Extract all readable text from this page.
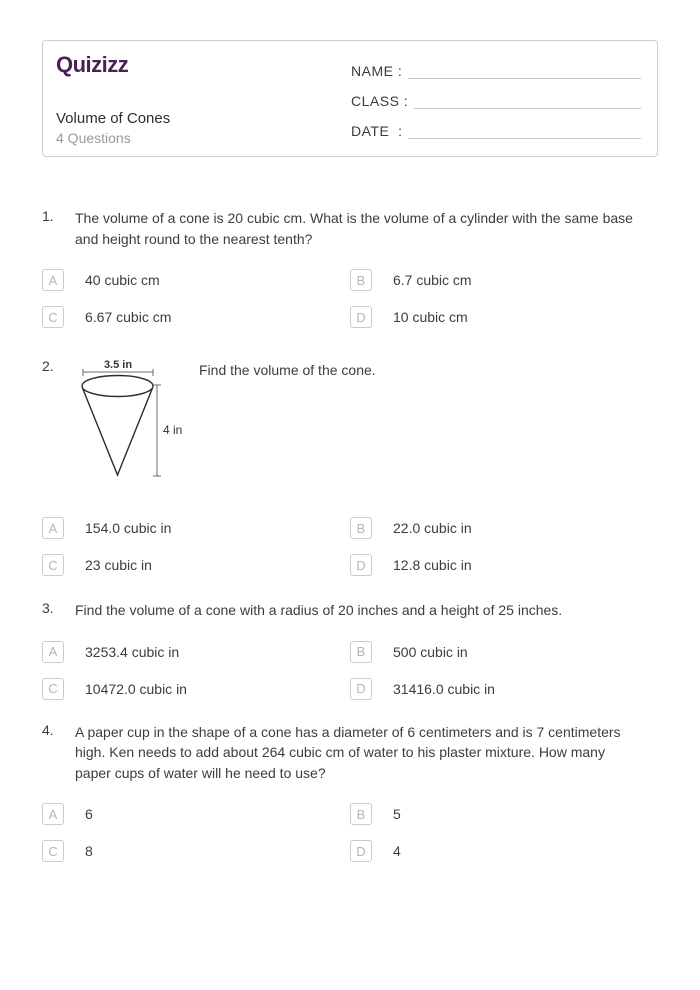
Quizizz
Volume of Cones
4 Questions
NAME :
CLASS :
DATE  :
1.	The volume of a cone is 20 cubic cm. What is the volume of a cylinder with the same base and height round to the nearest tenth?

A	40 cubic cm	B	6.7 cubic cm
C	6.67 cubic cm	D	10 cubic cm
2.	3.5 in
4 in

Find the volume of the cone.

A	154.0 cubic in	B	22.0 cubic in
C	23 cubic in	D	12.8 cubic in
3.	Find the volume of a cone with a radius of 20 inches and a height of 25 inches.

A	3253.4 cubic in	B	500 cubic in
C	10472.0 cubic in	D	31416.0 cubic in
4.	A paper cup in the shape of a cone has a diameter of 6 centimeters and is 7 centimeters high. Ken needs to add about 264 cubic cm of water to his plaster mixture. How many paper cups of water will he need to use?

A	6	B	5
C	8	D	4
